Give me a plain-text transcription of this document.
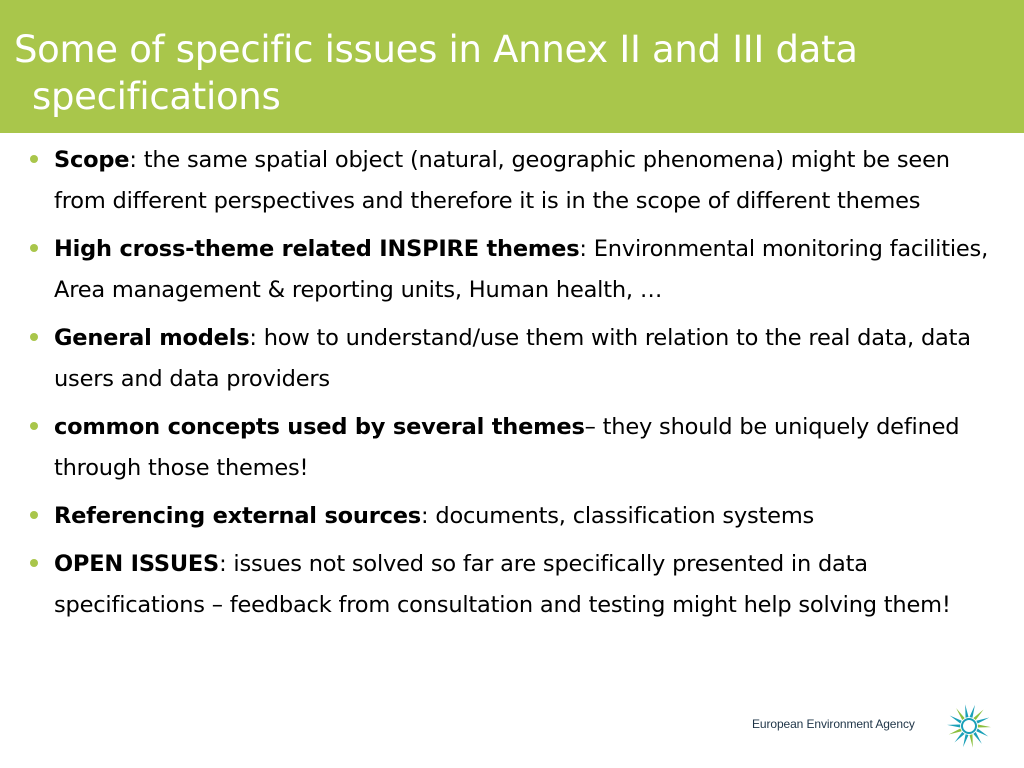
Some of specific issues in Annex II and III data
specifications
Scope: the same spatial object (natural, geographic phenomena) might be seen from different perspectives and therefore it is in the scope of different themes
High cross-theme related INSPIRE themes: Environmental monitoring facilities, Area management & reporting units, Human health, …
General models: how to understand/use them with relation to the real data, data users and data providers
common concepts used by several themes– they should be uniquely defined through those themes!
Referencing external sources: documents, classification systems
OPEN ISSUES: issues not solved so far are specifically presented in data specifications – feedback from consultation and testing might help solving them!
European Environment Agency
